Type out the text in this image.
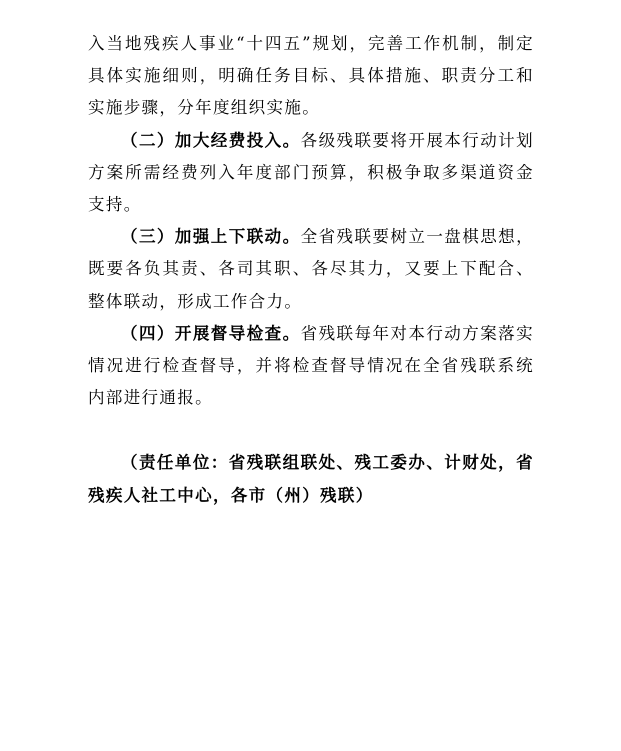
入当地残疾人事业“十四五”规划，完善工作机制，制定具体实施细则，明确任务目标、具体措施、职责分工和实施步骤，分年度组织实施。

（二）加大经费投入。各级残联要将开展本行动计划方案所需经费列入年度部门预算，积极争取多渠道资金支持。

（三）加强上下联动。全省残联要树立一盘棋思想，既要各负其责、各司其职、各尽其力，又要上下配合、整体联动，形成工作合力。

（四）开展督导检查。省残联每年对本行动方案落实情况进行检查督导，并将检查督导情况在全省残联系统内部进行通报。

（责任单位：省残联组联处、残工委办、计财处，省残疾人社工中心，各市（州）残联）
